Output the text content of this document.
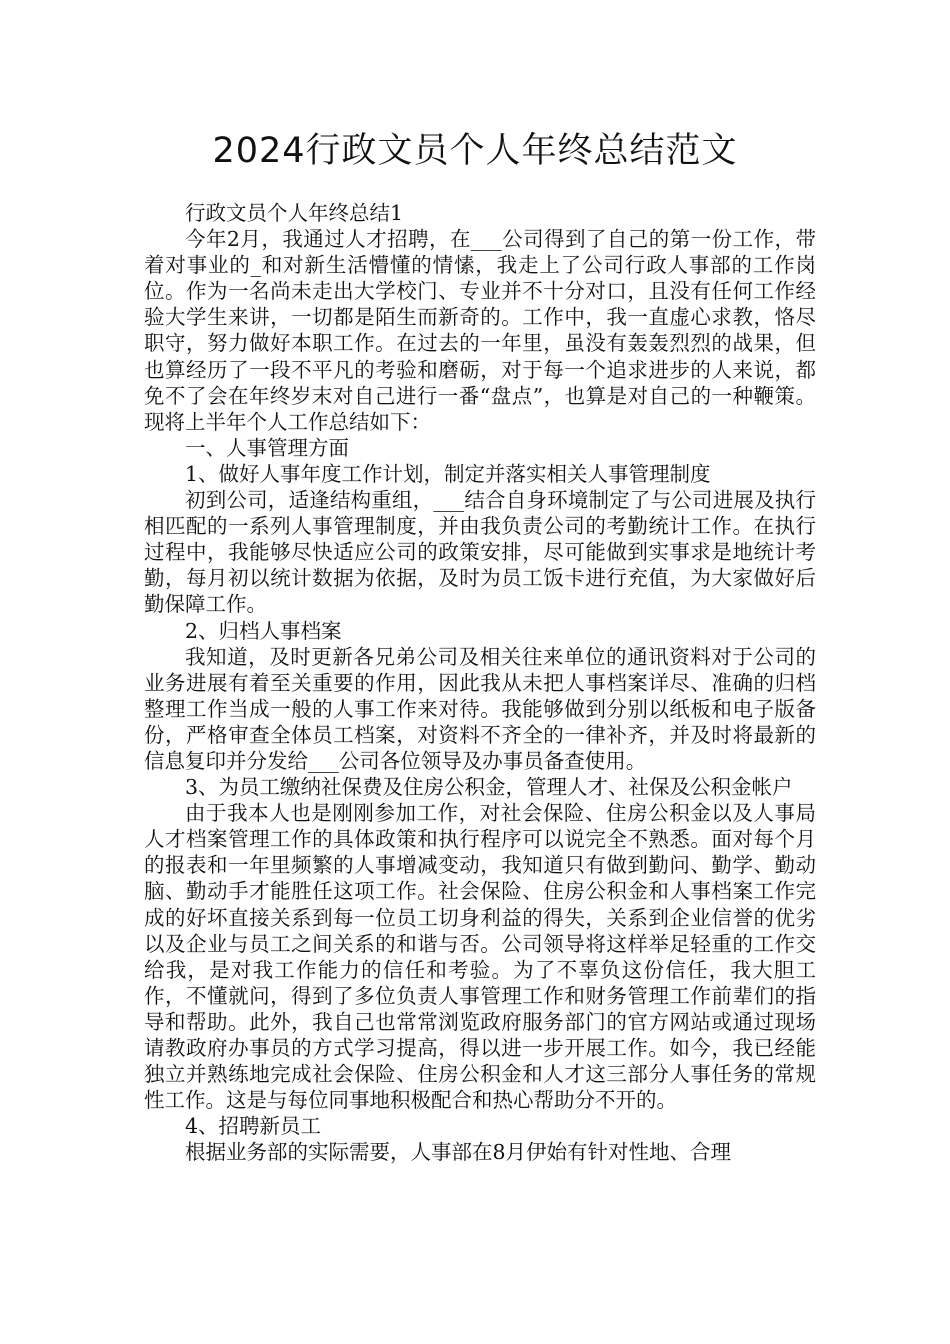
2024行政文员个人年终总结范文

行政文员个人年终总结1

今年2月，我通过人才招聘，在___公司得到了自己的第一份工作，带着对事业的_和对新生活懵懂的情愫，我走上了公司行政人事部的工作岗位。作为一名尚未走出大学校门、专业并不十分对口，且没有任何工作经验大学生来讲，一切都是陌生而新奇的。工作中，我一直虚心求教，恪尽职守，努力做好本职工作。在过去的一年里，虽没有轰轰烈烈的战果，但也算经历了一段不平凡的考验和磨砺，对于每一个追求进步的人来说，都免不了会在年终岁末对自己进行一番“盘点”，也算是对自己的一种鞭策。现将上半年个人工作总结如下：

一、人事管理方面

1、做好人事年度工作计划，制定并落实相关人事管理制度

初到公司，适逢结构重组，___结合自身环境制定了与公司进展及执行相匹配的一系列人事管理制度，并由我负责公司的考勤统计工作。在执行过程中，我能够尽快适应公司的政策安排，尽可能做到实事求是地统计考勤，每月初以统计数据为依据，及时为员工饭卡进行充值，为大家做好后勤保障工作。

2、归档人事档案

我知道，及时更新各兄弟公司及相关往来单位的通讯资料对于公司的业务进展有着至关重要的作用，因此我从未把人事档案详尽、准确的归档整理工作当成一般的人事工作来对待。我能够做到分别以纸板和电子版备份，严格审查全体员工档案，对资料不齐全的一律补齐，并及时将最新的信息复印并分发给___公司各位领导及办事员备查使用。

3、为员工缴纳社保费及住房公积金，管理人才、社保及公积金帐户

由于我本人也是刚刚参加工作，对社会保险、住房公积金以及人事局人才档案管理工作的具体政策和执行程序可以说完全不熟悉。面对每个月的报表和一年里频繁的人事增减变动，我知道只有做到勤问、勤学、勤动脑、勤动手才能胜任这项工作。社会保险、住房公积金和人事档案工作完成的好坏直接关系到每一位员工切身利益的得失，关系到企业信誉的优劣以及企业与员工之间关系的和谐与否。公司领导将这样举足轻重的工作交给我，是对我工作能力的信任和考验。为了不辜负这份信任，我大胆工作，不懂就问，得到了多位负责人事管理工作和财务管理工作前辈们的指导和帮助。此外，我自己也常常浏览政府服务部门的官方网站或通过现场请教政府办事员的方式学习提高，得以进一步开展工作。如今，我已经能独立并熟练地完成社会保险、住房公积金和人才这三部分人事任务的常规性工作。这是与每位同事地积极配合和热心帮助分不开的。

4、招聘新员工

根据业务部的实际需要，人事部在8月伊始有针对性地、合理
